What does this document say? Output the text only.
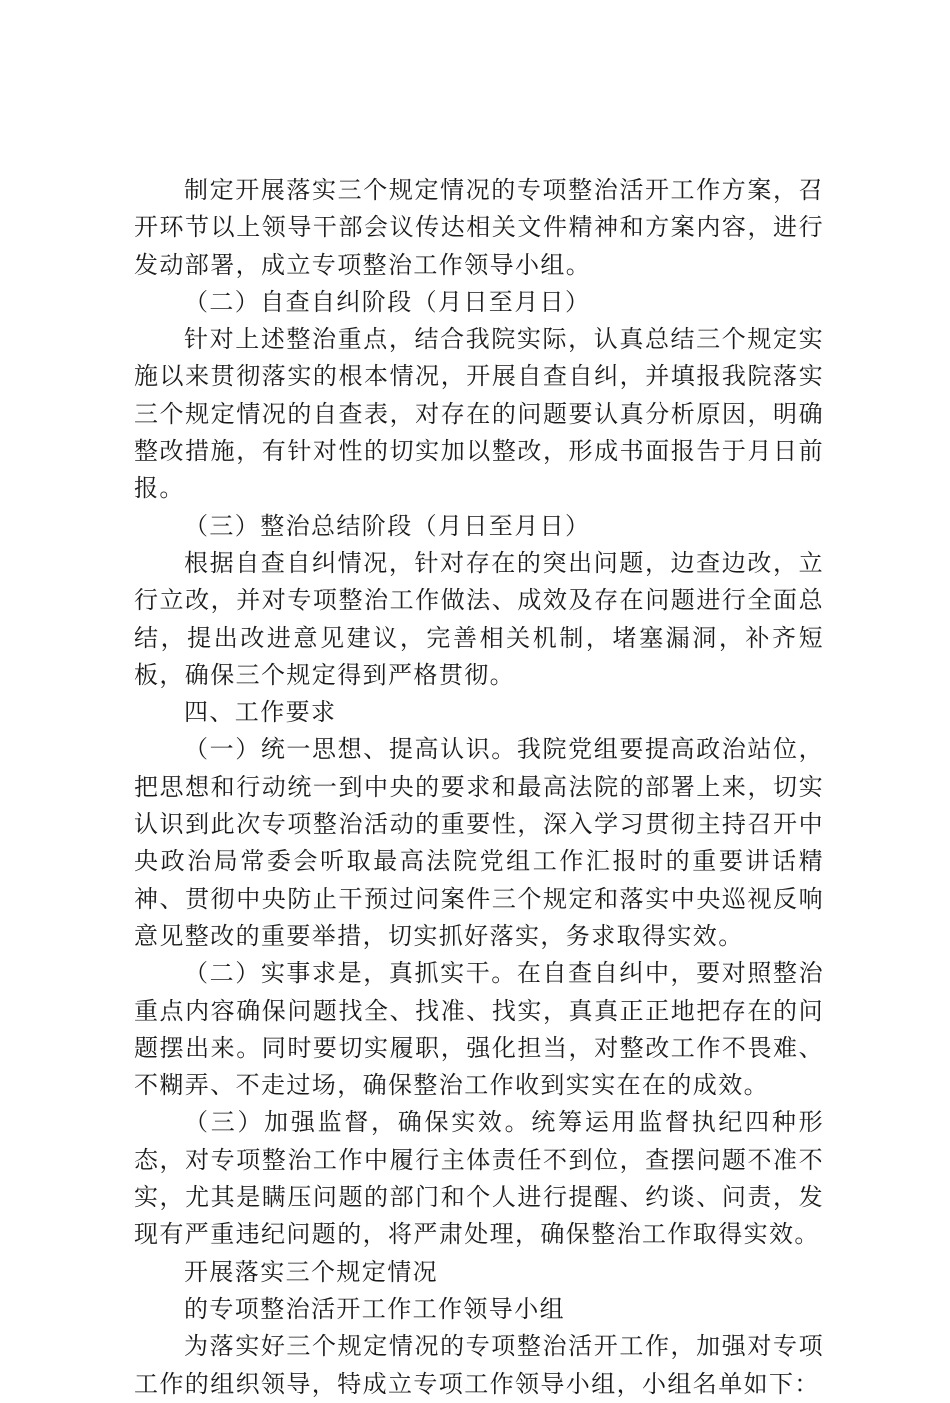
制定开展落实三个规定情况的专项整治活开工作方案，召开环节以上领导干部会议传达相关文件精神和方案内容，进行发动部署，成立专项整治工作领导小组。

（二）自查自纠阶段（月日至月日）

针对上述整治重点，结合我院实际，认真总结三个规定实施以来贯彻落实的根本情况，开展自查自纠，并填报我院落实三个规定情况的自查表，对存在的问题要认真分析原因，明确整改措施，有针对性的切实加以整改，形成书面报告于月日前报。

（三）整治总结阶段（月日至月日）

根据自查自纠情况，针对存在的突出问题，边查边改，立行立改，并对专项整治工作做法、成效及存在问题进行全面总结，提出改进意见建议，完善相关机制，堵塞漏洞，补齐短板，确保三个规定得到严格贯彻。

四、工作要求

（一）统一思想、提高认识。我院党组要提高政治站位，把思想和行动统一到中央的要求和最高法院的部署上来，切实认识到此次专项整治活动的重要性，深入学习贯彻主持召开中央政治局常委会听取最高法院党组工作汇报时的重要讲话精神、贯彻中央防止干预过问案件三个规定和落实中央巡视反响意见整改的重要举措，切实抓好落实，务求取得实效。

（二）实事求是，真抓实干。在自查自纠中，要对照整治重点内容确保问题找全、找准、找实，真真正正地把存在的问题摆出来。同时要切实履职，强化担当，对整改工作不畏难、不糊弄、不走过场，确保整治工作收到实实在在的成效。

（三）加强监督，确保实效。统筹运用监督执纪四种形态，对专项整治工作中履行主体责任不到位，查摆问题不准不实，尤其是瞒压问题的部门和个人进行提醒、约谈、问责，发现有严重违纪问题的，将严肃处理，确保整治工作取得实效。

开展落实三个规定情况

的专项整治活开工作工作领导小组

为落实好三个规定情况的专项整治活开工作，加强对专项工作的组织领导，特成立专项工作领导小组，小组名单如下：
